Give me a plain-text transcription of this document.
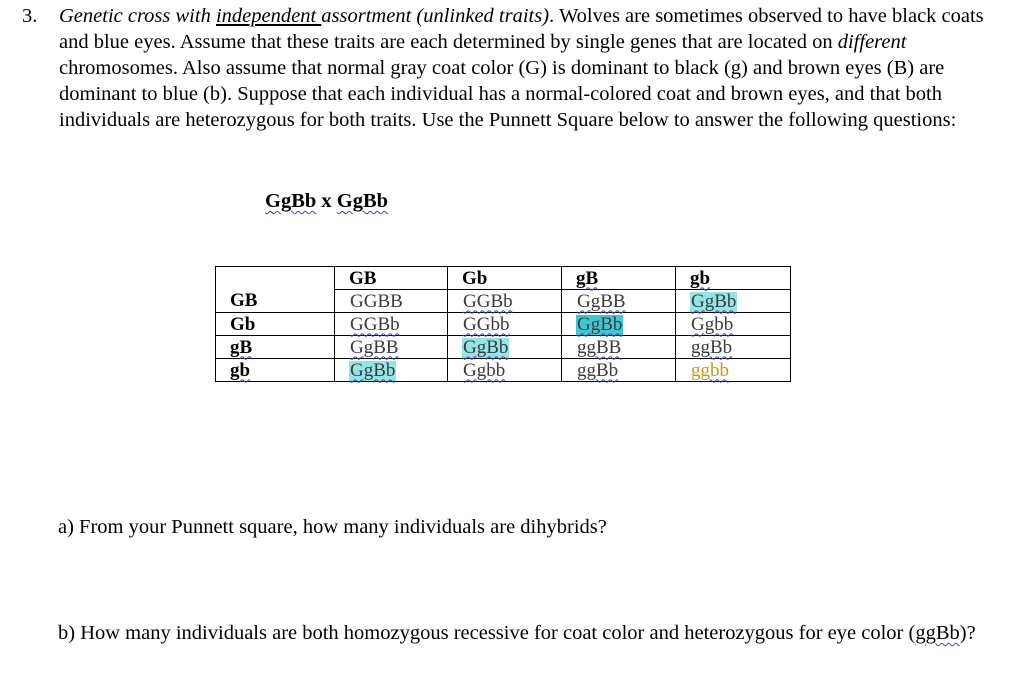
3. Genetic cross with independent assortment (unlinked traits). Wolves are sometimes observed to have black coats and blue eyes. Assume that these traits are each determined by single genes that are located on different chromosomes. Also assume that normal gray coat color (G) is dominant to black (g) and brown eyes (B) are dominant to blue (b). Suppose that each individual has a normal-colored coat and brown eyes, and that both individuals are heterozygous for both traits. Use the Punnett Square below to answer the following questions:
GgBb x GgBb
	GB	Gb	gB	gb
GB	GGBB	GGBb	GgBB	GgBb
Gb	GGBb	GGbb	GgBb	Ggbb
gB	GgBB	GgBb	ggBB	ggBb
gb	GgBb	Ggbb	ggBb	ggbb
a) From your Punnett square, how many individuals are dihybrids?
b) How many individuals are both homozygous recessive for coat color and heterozygous for eye color (ggBb)?
